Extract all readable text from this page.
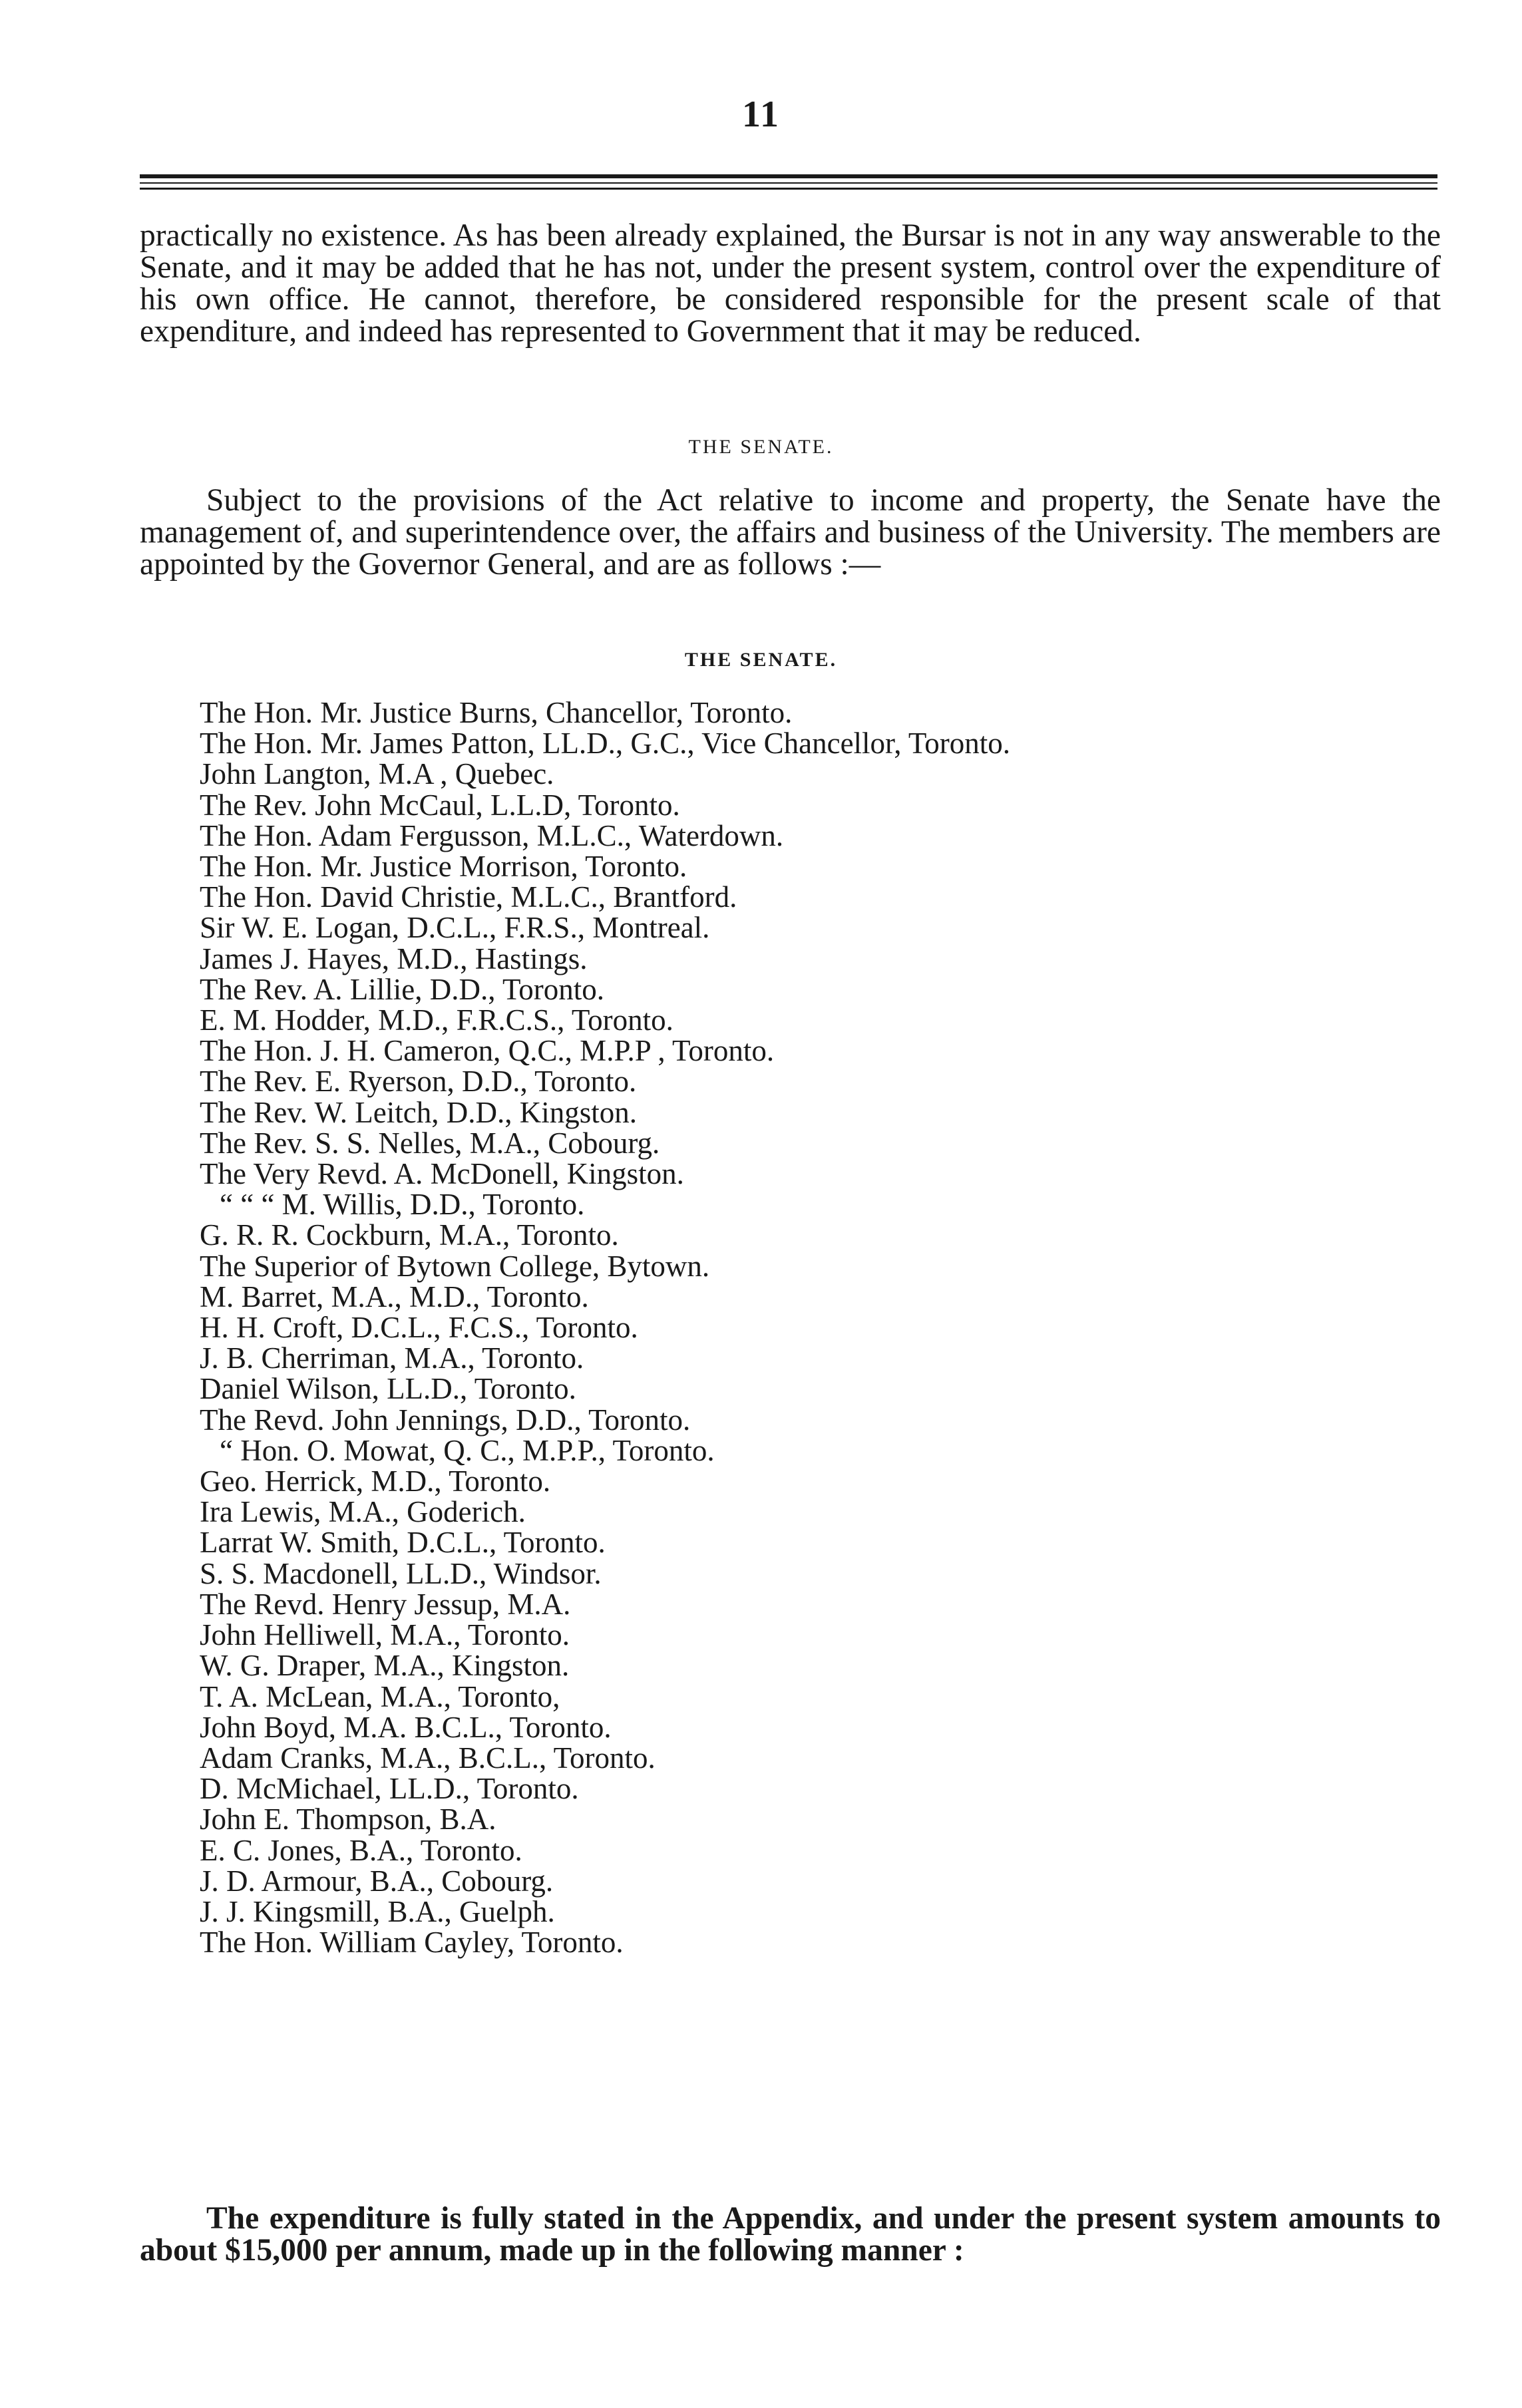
11

practically no existence. As has been already explained, the Bursar is not in any way answerable to the Senate, and it may be added that he has not, under the present system, control over the expenditure of his own office. He cannot, therefore, be considered responsible for the present scale of that expenditure, and indeed has represented to Government that it may be reduced.

THE SENATE.

Subject to the provisions of the Act relative to income and property, the Senate have the management of, and superintendence over, the affairs and business of the University. The members are appointed by the Governor General, and are as follows :—

THE SENATE.
The Hon. Mr. Justice Burns, Chancellor, Toronto.
The Hon. Mr. James Patton, LL.D., G.C., Vice Chancellor, Toronto.
John Langton, M.A , Quebec.
The Rev. John McCaul, L.L.D, Toronto.
The Hon. Adam Fergusson, M.L.C., Waterdown.
The Hon. Mr. Justice Morrison, Toronto.
The Hon. David Christie, M.L.C., Brantford.
Sir W. E. Logan, D.C.L., F.R.S., Montreal.
James J. Hayes, M.D., Hastings.
The Rev. A. Lillie, D.D., Toronto.
E. M. Hodder, M.D., F.R.C.S., Toronto.
The Hon. J. H. Cameron, Q.C., M.P.P , Toronto.
The Rev. E. Ryerson, D.D., Toronto.
The Rev. W. Leitch, D.D., Kingston.
The Rev. S. S. Nelles, M.A., Cobourg.
The Very Revd. A. McDonell, Kingston.
“ “ “ M. Willis, D.D., Toronto.
G. R. R. Cockburn, M.A., Toronto.
The Superior of Bytown College, Bytown.
M. Barret, M.A., M.D., Toronto.
H. H. Croft, D.C.L., F.C.S., Toronto.
J. B. Cherriman, M.A., Toronto.
Daniel Wilson, LL.D., Toronto.
The Revd. John Jennings, D.D., Toronto.
“ Hon. O. Mowat, Q. C., M.P.P., Toronto.
Geo. Herrick, M.D., Toronto.
Ira Lewis, M.A., Goderich.
Larrat W. Smith, D.C.L., Toronto.
S. S. Macdonell, LL.D., Windsor.
The Revd. Henry Jessup, M.A.
John Helliwell, M.A., Toronto.
W. G. Draper, M.A., Kingston.
T. A. McLean, M.A., Toronto,
John Boyd, M.A. B.C.L., Toronto.
Adam Cranks, M.A., B.C.L., Toronto.
D. McMichael, LL.D., Toronto.
John E. Thompson, B.A.
E. C. Jones, B.A., Toronto.
J. D. Armour, B.A., Cobourg.
J. J. Kingsmill, B.A., Guelph.
The Hon. William Cayley, Toronto.

The expenditure is fully stated in the Appendix, and under the present system amounts to about $15,000 per annum, made up in the following manner :
